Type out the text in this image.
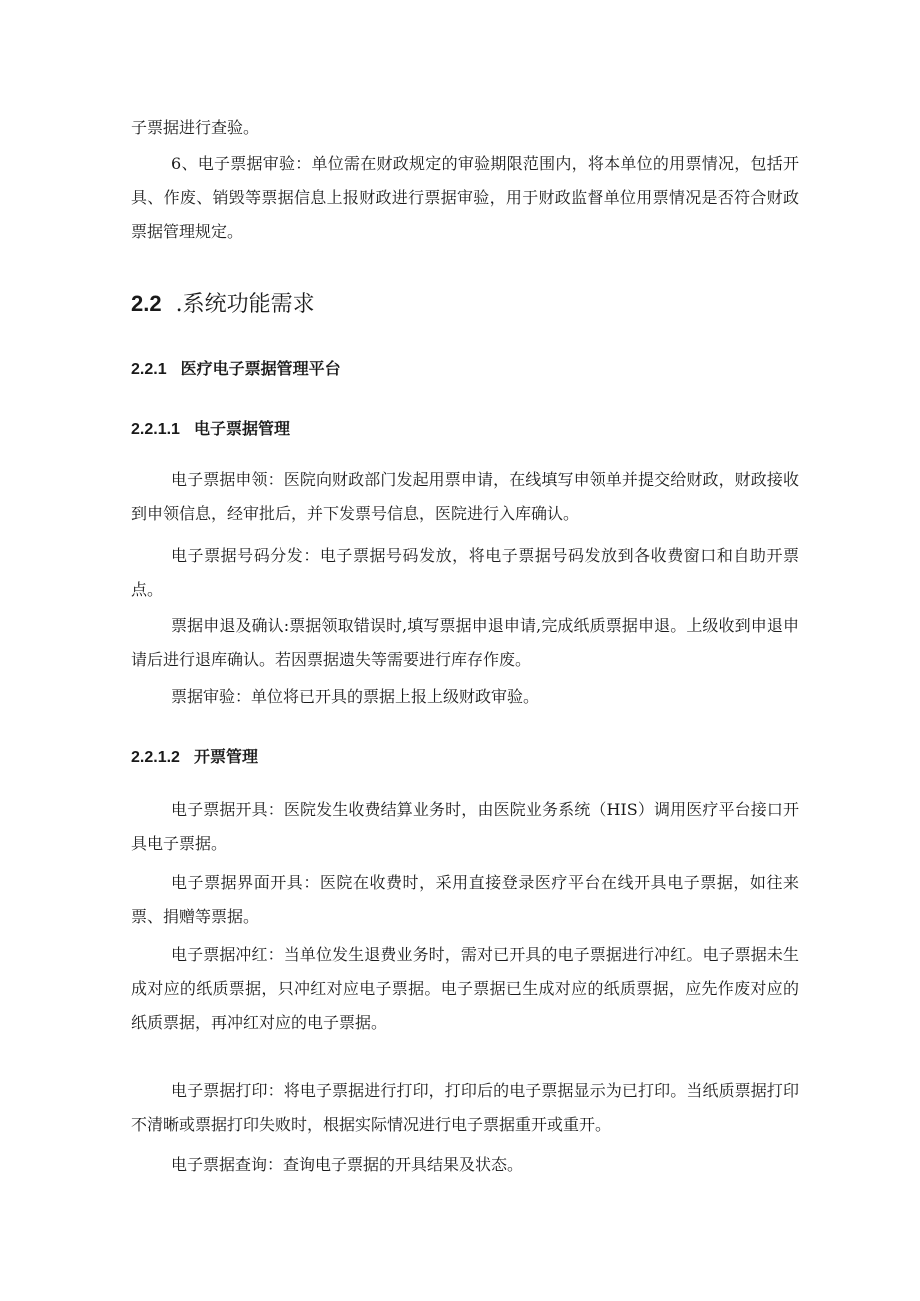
子票据进行查验。

6、电子票据审验：单位需在财政规定的审验期限范围内，将本单位的用票情况，包括开具、作废、销毁等票据信息上报财政进行票据审验，用于财政监督单位用票情况是否符合财政票据管理规定。

2.2 .系统功能需求
2.2.1 医疗电子票据管理平台
2.2.1.1 电子票据管理

电子票据申领：医院向财政部门发起用票申请，在线填写申领单并提交给财政，财政接收到申领信息，经审批后，并下发票号信息，医院进行入库确认。

电子票据号码分发：电子票据号码发放，将电子票据号码发放到各收费窗口和自助开票点。

票据申退及确认:票据领取错误时,填写票据申退申请,完成纸质票据申退。上级收到申退申请后进行退库确认。若因票据遗失等需要进行库存作废。

票据审验：单位将已开具的票据上报上级财政审验。

2.2.1.2 开票管理

电子票据开具：医院发生收费结算业务时，由医院业务系统（HIS）调用医疗平台接口开具电子票据。

电子票据界面开具：医院在收费时，采用直接登录医疗平台在线开具电子票据，如往来票、捐赠等票据。

电子票据冲红：当单位发生退费业务时，需对已开具的电子票据进行冲红。电子票据未生成对应的纸质票据，只冲红对应电子票据。电子票据已生成对应的纸质票据，应先作废对应的纸质票据，再冲红对应的电子票据。

电子票据打印：将电子票据进行打印，打印后的电子票据显示为已打印。当纸质票据打印不清晰或票据打印失败时，根据实际情况进行电子票据重开或重开。

电子票据查询：查询电子票据的开具结果及状态。
